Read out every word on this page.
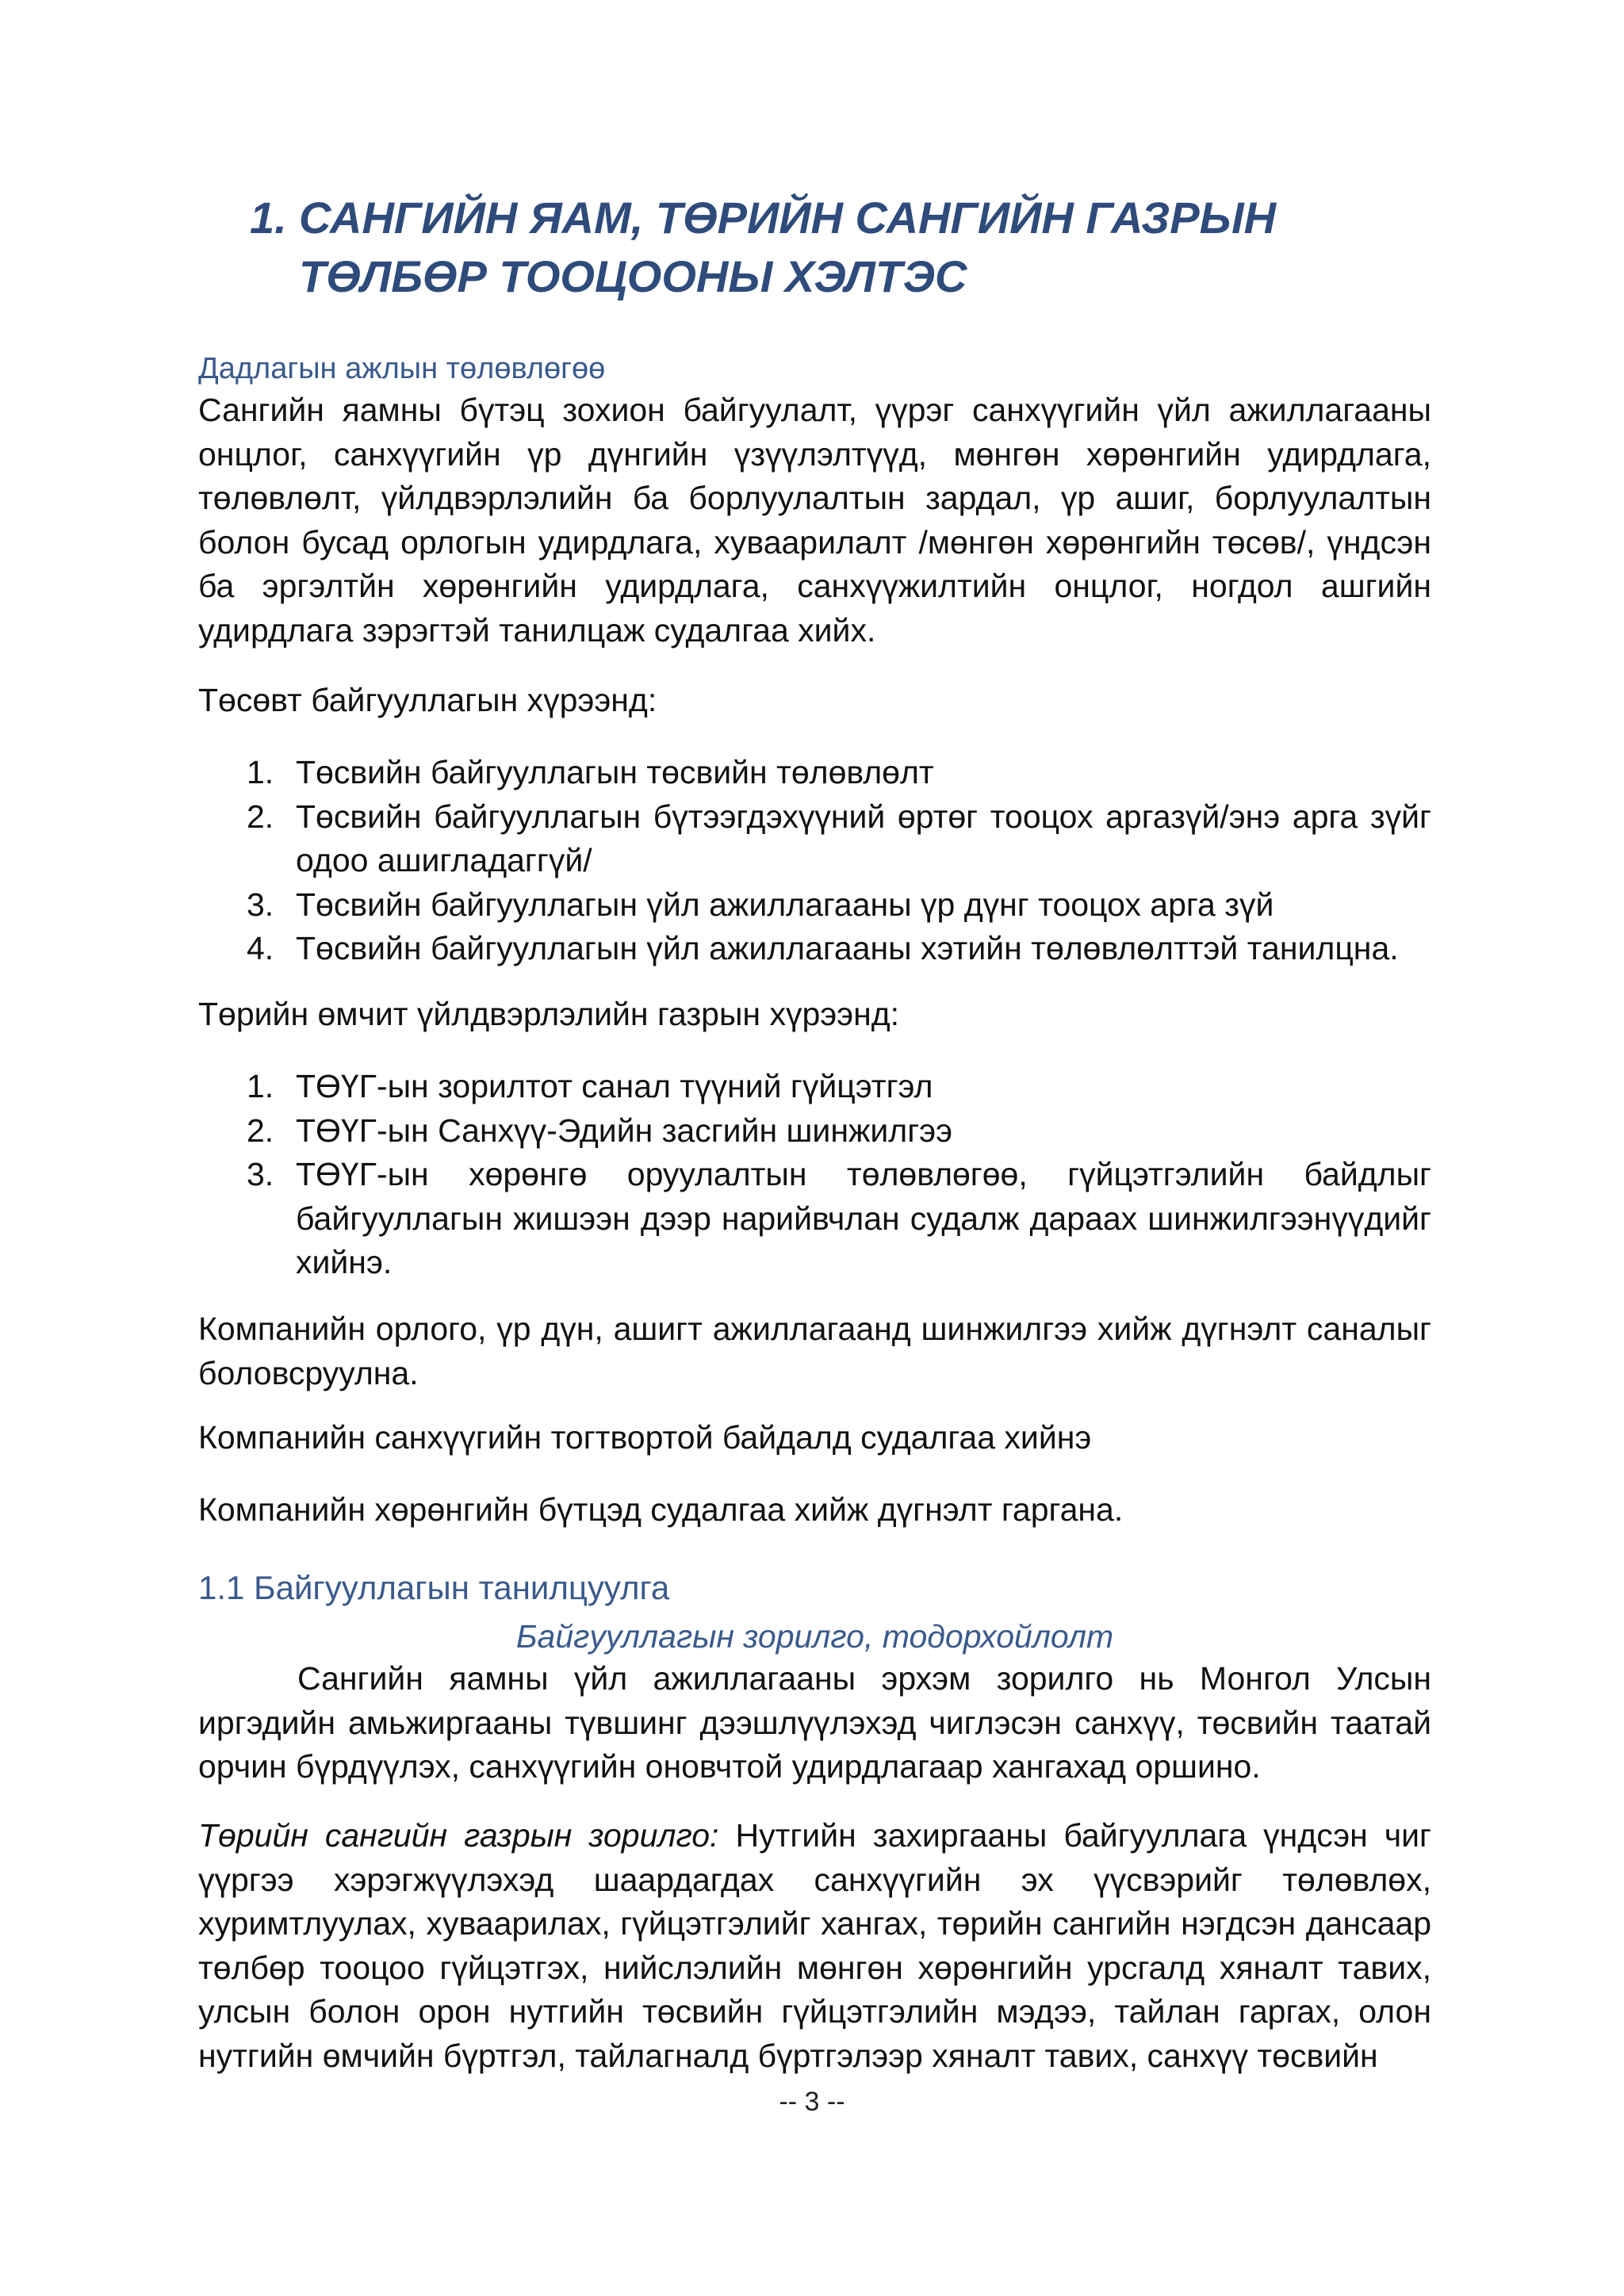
1. САНГИЙН ЯАМ, ТӨРИЙН САНГИЙН ГАЗРЫН
ТӨЛБӨР ТООЦООНЫ ХЭЛТЭС
Дадлагын ажлын төлөвлөгөө

Сангийн яамны бүтэц зохион байгуулалт, үүрэг санхүүгийн үйл ажиллагааны онцлог, санхүүгийн үр дүнгийн үзүүлэлтүүд, мөнгөн хөрөнгийн удирдлага, төлөвлөлт, үйлдвэрлэлийн ба борлуулалтын зардал, үр ашиг, борлуулалтын болон бусад орлогын удирдлага, хуваарилалт /мөнгөн хөрөнгийн төсөв/, үндсэн ба эргэлтйн хөрөнгийн удирдлага, санхүүжилтийн онцлог, ногдол ашгийн удирдлага зэрэгтэй танилцаж судалгаа хийх.

Төсөвт байгууллагын хүрээнд:

1. Төсвийн байгууллагын төсвийн төлөвлөлт
2. Төсвийн байгууллагын бүтээгдэхүүний өртөг тооцох аргазүй/энэ арга зүйг одоо ашигладаггүй/
3. Төсвийн байгууллагын үйл ажиллагааны үр дүнг тооцох арга зүй
4. Төсвийн байгууллагын үйл ажиллагааны хэтийн төлөвлөлттэй танилцна.

Төрийн өмчит үйлдвэрлэлийн газрын хүрээнд:

1. ТӨҮГ-ын зорилтот санал түүний гүйцэтгэл
2. ТӨҮГ-ын Санхүү-Эдийн засгийн шинжилгээ
3. ТӨҮГ-ын хөрөнгө оруулалтын төлөвлөгөө, гүйцэтгэлийн байдлыг байгууллагын жишээн дээр нарийвчлан судалж дараах шинжилгээнүүдийг хийнэ.

Компанийн орлого, үр дүн, ашигт ажиллагаанд шинжилгээ хийж дүгнэлт саналыг боловсруулна.

Компанийн санхүүгийн тогтвортой байдалд судалгаа хийнэ

Компанийн хөрөнгийн бүтцэд судалгаа хийж дүгнэлт гаргана.

1.1 Байгууллагын танилцуулга

Байгууллагын зорилго, тодорхойлолт

Сангийн яамны үйл ажиллагааны эрхэм зорилго нь Монгол Улсын иргэдийн амьжиргааны түвшинг дээшлүүлэхэд чиглэсэн санхүү, төсвийн таатай орчин бүрдүүлэх, санхүүгийн оновчтой удирдлагаар хангахад оршино.

Төрийн сангийн газрын зорилго: Нутгийн захиргааны байгууллага үндсэн чиг үүргээ хэрэгжүүлэхэд шаардагдах санхүүгийн эх үүсвэрийг төлөвлөх, хуримтлуулах, хуваарилах, гүйцэтгэлийг хангах, төрийн сангийн нэгдсэн дансаар төлбөр тооцоо гүйцэтгэх, нийслэлийн мөнгөн хөрөнгийн урсгалд хяналт тавих, улсын болон орон нутгийн төсвийн гүйцэтгэлийн мэдээ, тайлан гаргах, олон нутгийн өмчийн бүртгэл, тайлагналд бүртгэлээр хяналт тавих, санхүү төсвийн

-- 3 --
